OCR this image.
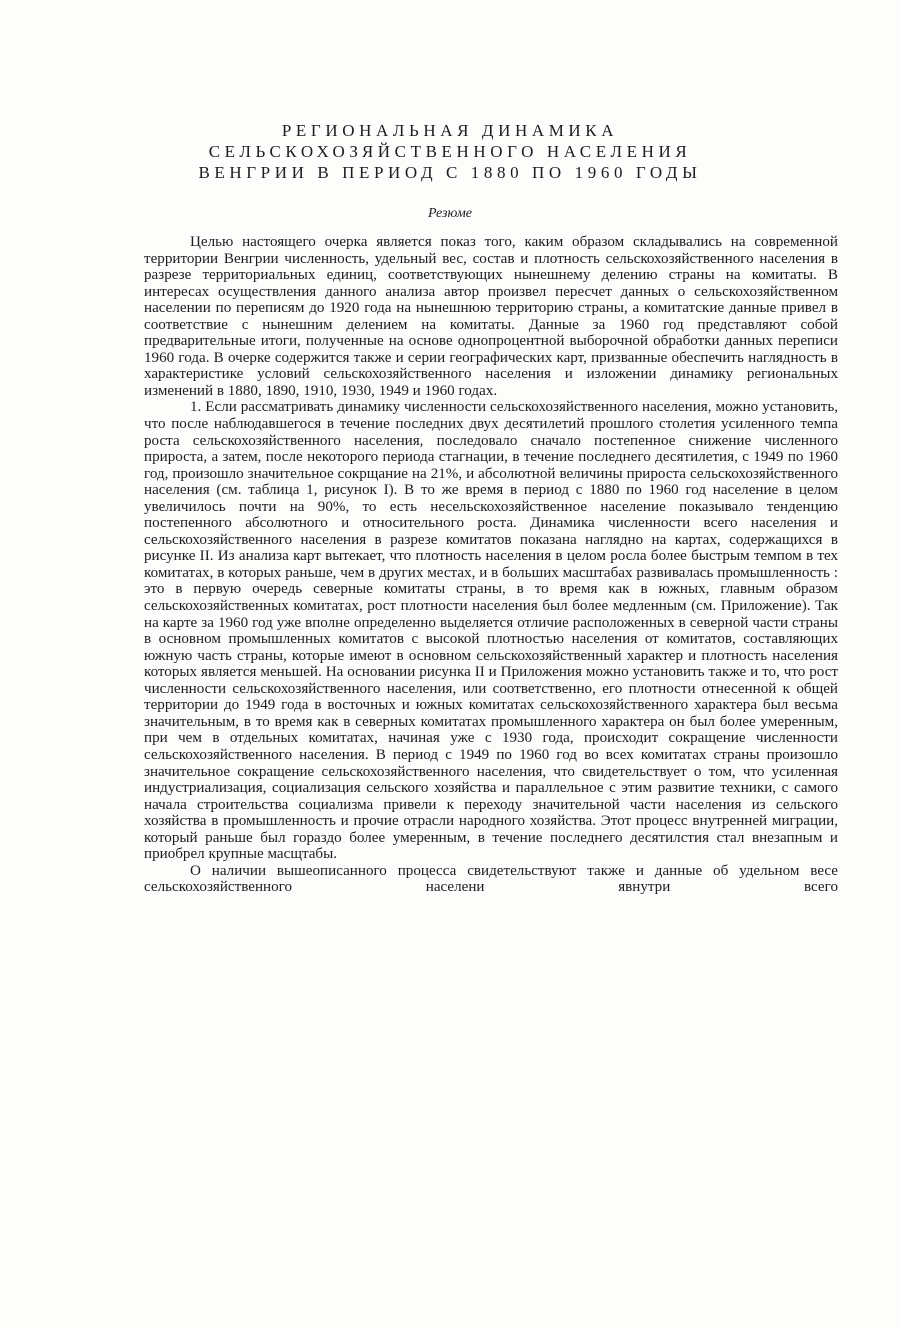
РЕГИОНАЛЬНАЯ ДИНАМИКА
СЕЛЬСКОХОЗЯЙСТВЕННОГО НАСЕЛЕНИЯ
ВЕНГРИИ В ПЕРИОД С 1880 ПО 1960 ГОДЫ
Резюме

Целью настоящего очерка является показ того, каким образом складывались на современной территории Венгрии численность, удельный вес, состав и плотность сельскохозяйственного населения в разрезе территориальных единиц, соответствующих нынешнему делению страны на комитаты. В интересах осуществления данного анализа автор произвел пересчет данных о сельскохозяйственном населении по переписям до 1920 года на нынешнюю территорию страны, а комитатские данные привел в соответствие с нынешним делением на комитаты. Данные за 1960 год представляют собой предварительные итоги, полученные на основе однопроцентной выборочной обработки данных переписи 1960 года. В очерке содержится также и серии географических карт, призванные обеспечить наглядность в характеристике условий сельскохозяйственного населения и изложении динамику региональных изменений в 1880, 1890, 1910, 1930, 1949 и 1960 годах.

1. Если рассматривать динамику численности сельскохозяйственного населения, можно установить, что после наблюдавшегося в течение последних двух десятилетий прошлого столетия усиленного темпа роста сельскохозяйственного населения, последовало сначало постепенное снижение численного прироста, а затем, после некоторого периода стагнации, в течение последнего десятилетия, с 1949 по 1960 год, произошло значительное сокрщание на 21%, и абсолютной величины прироста сельскохозяйственного населения (см. таблица 1, рисунок I). В то же время в период с 1880 по 1960 год население в целом увеличилось почти на 90%, то есть несельскохозяйственное население показывало тенденцию постепенного абсолютного и относительного роста. Динамика численности всего населения и сельскохозяйственного населения в разрезе комитатов показана наглядно на картах, содержащихся в рисунке II. Из анализа карт вытекает, что плотность населения в целом росла более быстрым темпом в тех комитатах, в которых раньше, чем в других местах, и в больших масштабах развивалась промышленность : это в первую очередь северные комитаты страны, в то время как в южных, главным образом сельскохозяйственных комитатах, рост плотности населения был более медленным (см. Приложение). Так на карте за 1960 год уже вполне определенно выделяется отличие расположенных в северной части страны в основном промышленных комитатов с высокой плотностью населения от комитатов, составляющих южную часть страны, которые имеют в основном сельскохозяйственный характер и плотность населения которых является меньшей. На основании рисунка II и Приложения можно установить также и то, что рост численности сельскохозяйственного населения, или соответственно, его плотности отнесенной к общей территории до 1949 года в восточных и южных комитатах сельскохозяйственного характера был весьма значительным, в то время как в северных комитатах промышленного характера он был более умеренным, при чем в отдельных комитатах, начиная уже с 1930 года, происходит сокращение численности сельскохозяйственного населения. В период с 1949 по 1960 год во всех комитатах страны произошло значительное сокращение сельскохозяйственного населения, что свидетельствует о том, что усиленная индустриализация, социализация сельского хозяйства и параллельное с этим развитие техники, с самого начала строительства социализма привели к переходу значительной части населения из сельского хозяйства в промышленность и прочие отрасли народного хозяйства. Этот процесс внутренней миграции, который раньше был гораздо более умеренным, в течение последнего десятилстия стал внезапным и приобрел крупные масщтабы.

О наличии вышеописанного процесса свидетельствуют также и данные об удельном весе сельскохозяйственного населени явнутри всего
